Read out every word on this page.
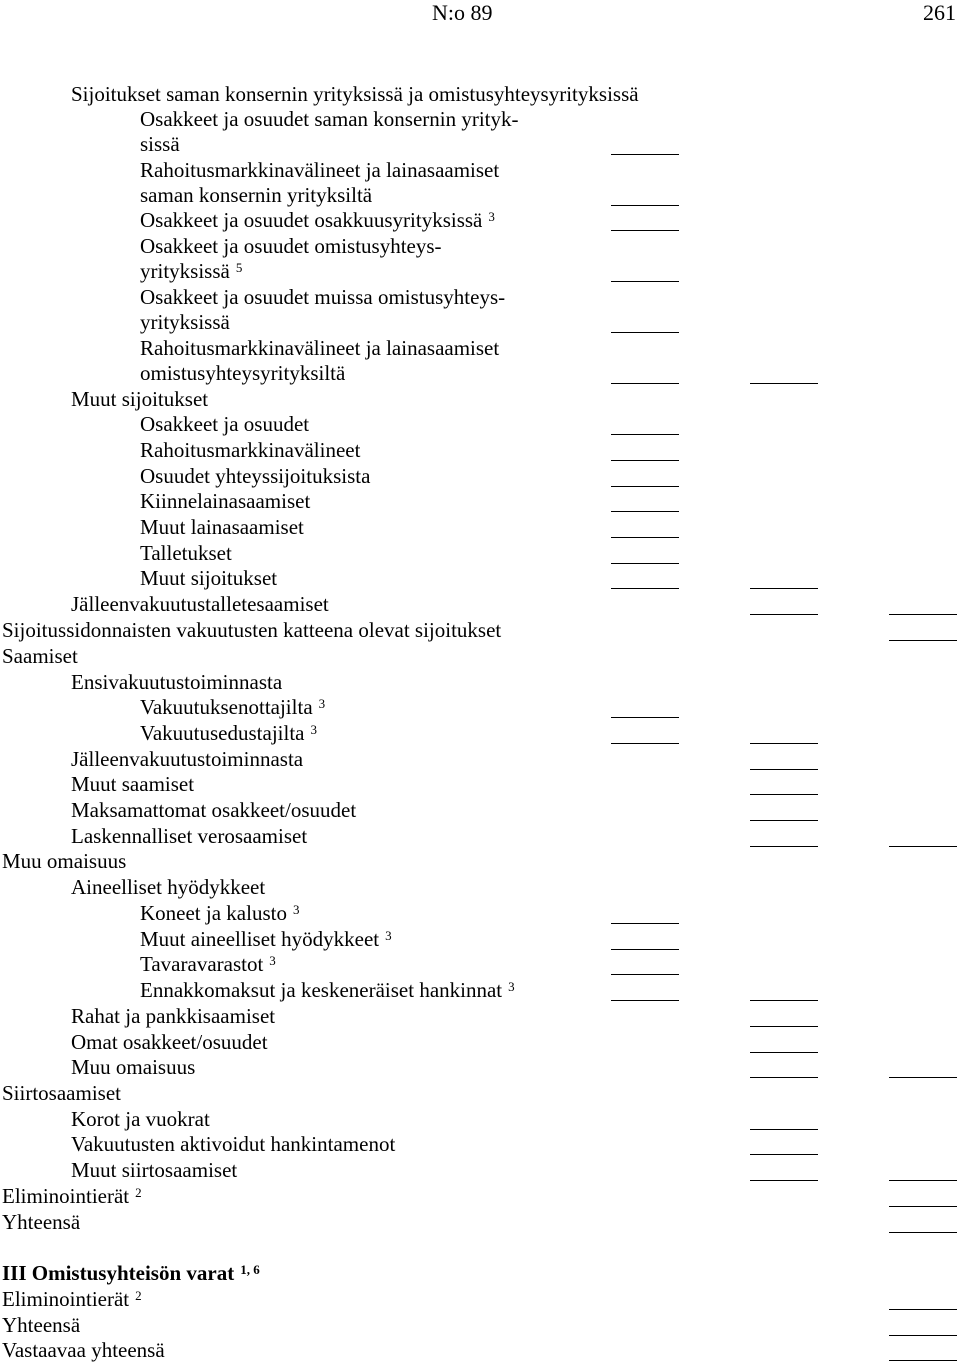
N:o 89	261
Sijoitukset saman konsernin yrityksissä ja omistusyhteysyrityksissä
Osakkeet ja osuudet saman konsernin yrityk-
sissä
Rahoitusmarkkinavälineet ja lainasaamiset
saman konsernin yrityksiltä
Osakkeet ja osuudet osakkuusyrityksissä $^3$
Osakkeet ja osuudet omistusyhteys-
yrityksissä $^5$
Osakkeet ja osuudet muissa omistusyhteys-
yrityksissä
Rahoitusmarkkinavälineet ja lainasaamiset
omistusyhteysyrityksiltä
Muut sijoitukset
Osakkeet ja osuudet
Rahoitusmarkkinavälineet
Osuudet yhteyssijoituksista
Kiinnelainasaamiset
Muut lainasaamiset
Talletukset
Muut sijoitukset
Jälleenvakuutustalletesaamiset
Sijoitussidonnaisten vakuutusten katteena olevat sijoitukset
Saamiset
Ensivakuutustoiminnasta
Vakuutuksenottajilta $^3$
Vakuutusedustajilta $^3$
Jälleenvakuutustoiminnasta
Muut saamiset
Maksamattomat osakkeet/osuudet
Laskennalliset verosaamiset
Muu omaisuus
Aineelliset hyödykkeet
Koneet ja kalusto $^3$
Muut aineelliset hyödykkeet $^3$
Tavaravarastot $^3$
Ennakkomaksut ja keskeneräiset hankinnat $^3$
Rahat ja pankkisaamiset
Omat osakkeet/osuudet
Muu omaisuus
Siirtosaamiset
Korot ja vuokrat
Vakuutusten aktivoidut hankintamenot
Muut siirtosaamiset
Eliminointierät $^2$
Yhteensä
III Omistusyhteisön varat $^{1, 6}$
Eliminointierät $^2$
Yhteensä
Vastaavaa yhteensä
